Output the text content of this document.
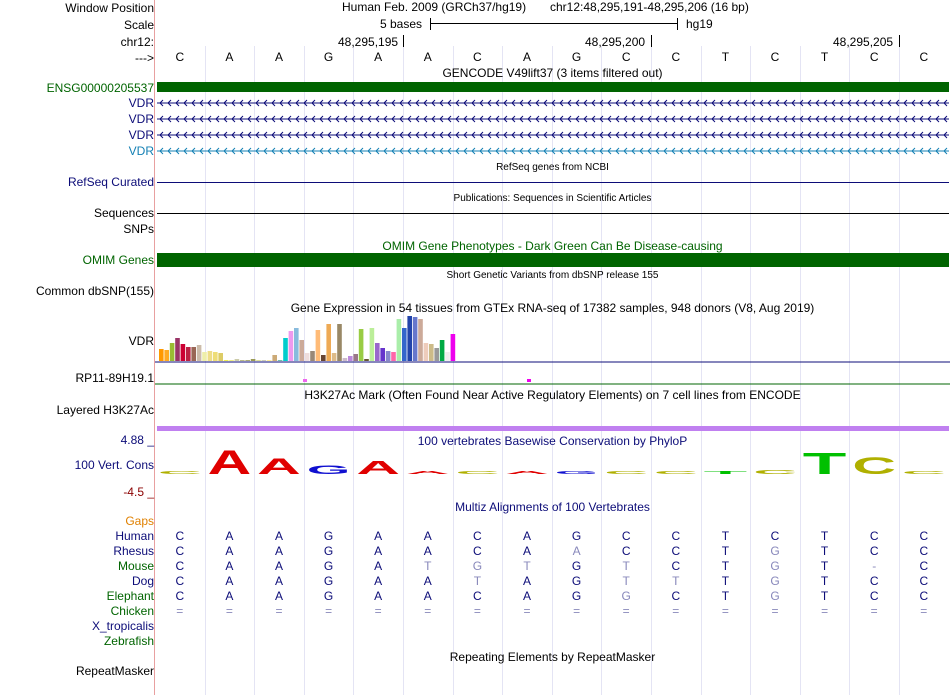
Window Position
Scale
chr12:
--->
Human Feb. 2009 (GRCh37/hg19) chr12:48,295,191-48,295,206 (16 bp)
5 bases	hg19
48,295,195	48,295,200	48,295,205
C	A	A	G	A	A	C	A	G	C	C	T	C	T	C	C
GENCODE V49lift37 (3 items filtered out)
ENSG00000205537
VDR
VDR
VDR
VDR
RefSeq genes from NCBI
RefSeq Curated
Publications: Sequences in Scientific Articles
Sequences
SNPs
OMIM Gene Phenotypes - Dark Green Can Be Disease-causing
OMIM Genes
Short Genetic Variants from dbSNP release 155
Common dbSNP(155)
Gene Expression in 54 tissues from GTEx RNA-seq of 17382 samples, 948 donors (V8, Aug 2019)
VDR
RP11-89H19.1
H3K27Ac Mark (Often Found Near Active Regulatory Elements) on 7 cell lines from ENCODE
Layered H3K27Ac
100 vertebrates Basewise Conservation by PhyloP
4.88 _
100 Vert. Cons
-4.5 _
C A A G A A C A G C C T C T C C
Multiz Alignments of 100 Vertebrates
Gaps
Human	C	A	A	G	A	A	C	A	G	C	C	T	C	T	C	C
Rhesus	C	A	A	G	A	A	C	A	A	C	C	T	G	T	C	C
Mouse	C	A	A	G	A	T	G	T	G	T	C	T	G	T	-	C
Dog	C	A	A	G	A	A	T	A	G	T	T	T	G	T	C	C
Elephant	C	A	A	G	A	A	C	A	G	G	C	T	G	T	C	C
Chicken	=	=	=	=	=	=	=	=	=	=	=	=	=	=	=	=
X_tropicalis
Zebrafish
Repeating Elements by RepeatMasker
RepeatMasker
